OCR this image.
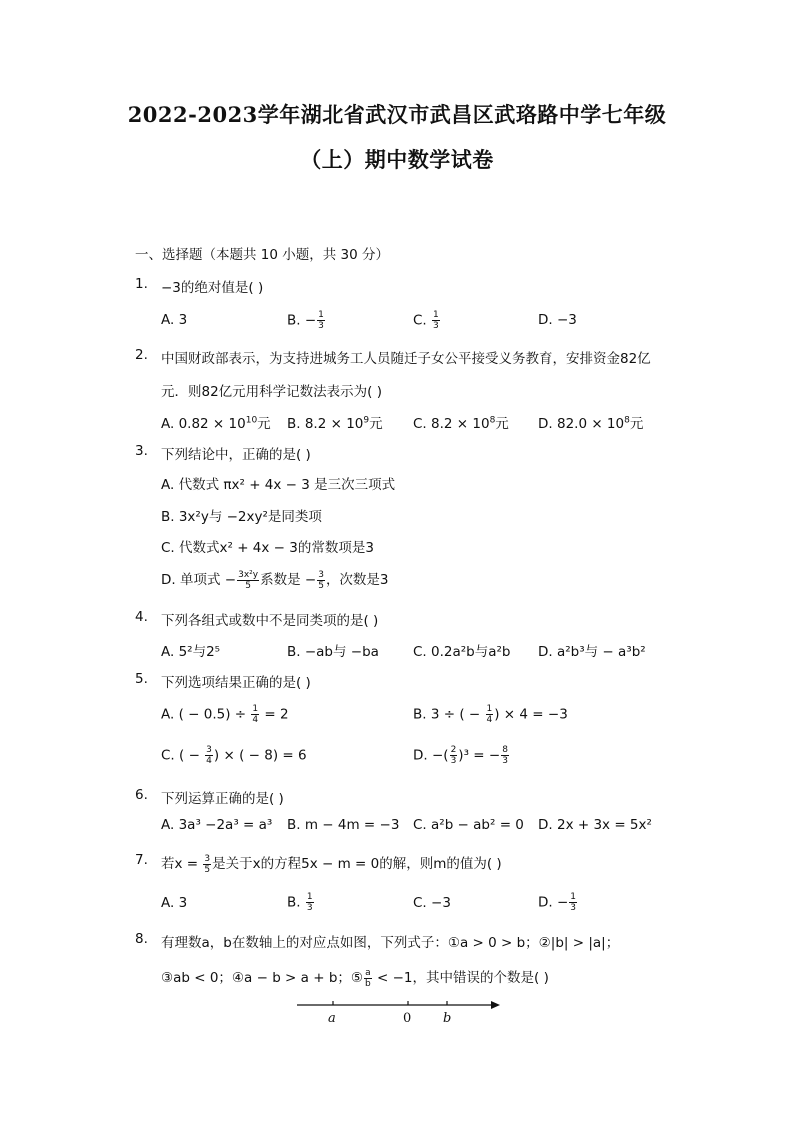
2022-2023学年湖北省武汉市武昌区武珞路中学七年级
（上）期中数学试卷
一、选择题（本题共 10 小题，共 30 分）
1. −3的绝对值是( )
A. 3	B. − $\frac{1}{3}$	C. $\frac{1}{3}$	D. −3
2. 中国财政部表示，为支持进城务工人员随迁子女公平接受义务教育，安排资金82亿
元．则82亿元用科学记数法表示为( )
A. $0.82 \times 10^{10}$元 B. $8.2 \times 10^9$元 C. $8.2 \times 10^8$元 D. $82.0 \times 10^8$元
3. 下列结论中，正确的是( )
A. 代数式 πx² + 4x − 3 是三次三项式
B. 3x²y与 −2xy²是同类项
C. 代数式x² + 4x − 3的常数项是3
D. 单项式 − $\frac{\text{3x²y}}{5}$ 系数是 − $\frac{3}{5}$ ，次数是3
4. 下列各组式或数中不是同类项的是( )
A. 5²与2⁵	B. −ab与 −ba	C. 0.2a²b与a²b D. a²b³与 − a³b²
5. 下列选项结果正确的是( )
A. ( − $0.5) \div \frac{1}{4} = 2$	B. 3 ÷ ( − $\frac{1}{4}$ ) × 4 = −3
C. ( − $\frac{3}{4}$ ) × ( − 8) = 6	D. −( $\frac{2}{3} )^3$ = − $\frac{8}{3}$
6. 下列运算正确的是( )
A. 3a³ −2a³ = a³ B. m − 4m = −3 C. a²b − ab² = 0 D. 2x + 3x = 5x²
7. 若$x = \frac{3}{5}$ 是关于x的方程5x − m = 0的解，则m的值为( )
A. 3	B. $\frac{1}{3}$	C. −3	D. − $\frac{1}{3}$
8. 有理数a，b在数轴上的对应点如图，下列式子：①a > 0 > b；②|b| > |a|；
③ab < 0；④a − b > a + b；⑤ $\frac{a}{b} < -1$，其中错误的个数是( )
a	0 b
